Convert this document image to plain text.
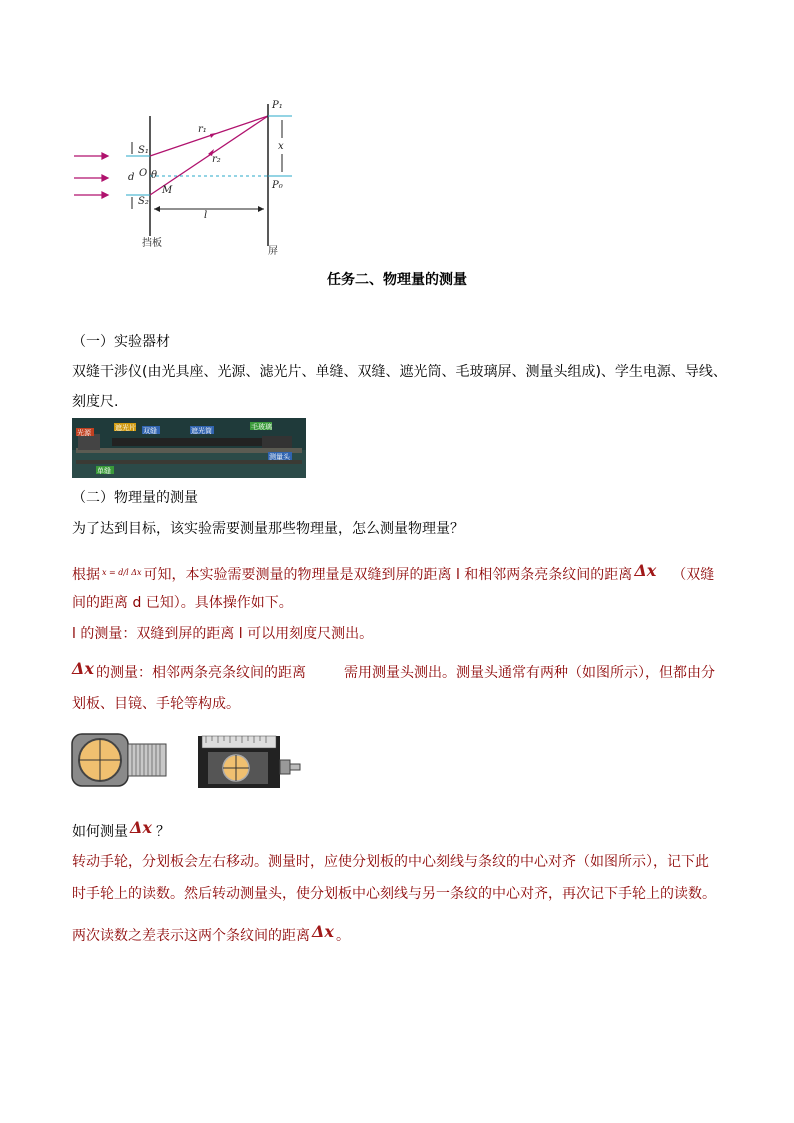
P₁
P₀
r₁
r₂
S₁
S₂
d O θ
M
x
l
挡板
屏
任务二、物理量的测量
（一）实验器材
双缝干涉仪(由光具座、光源、滤光片、单缝、双缝、遮光筒、毛玻璃屏、测量头组成)、学生电源、导线、
刻度尺.
光源
遮光片 双缝	遮光筒	毛玻璃
单缝
测量头
（二）物理量的测量
为了达到目标，该实验需要测量那些物理量，怎么测量物理量？
根据 $^{x = d/l \Delta x}$ 可知，本实验需要测量的物理量是双缝到屏的距离 l 和相邻两条亮条纹间的距离 Δx （双缝
间的距离 d 已知）。具体操作如下。
l 的测量：双缝到屏的距离 l 可以用刻度尺测出。
Δx 的测量：相邻两条亮条纹间的距离	需用测量头测出。测量头通常有两种（如图所示），但都由分
划板、目镜、手轮等构成。
如何测量 Δx ？
转动手轮，分划板会左右移动。测量时，应使分划板的中心刻线与条纹的中心对齐（如图所示），记下此
时手轮上的读数。然后转动测量头，使分划板中心刻线与另一条纹的中心对齐，再次记下手轮上的读数。
两次读数之差表示这两个条纹间的距离 Δx 。
